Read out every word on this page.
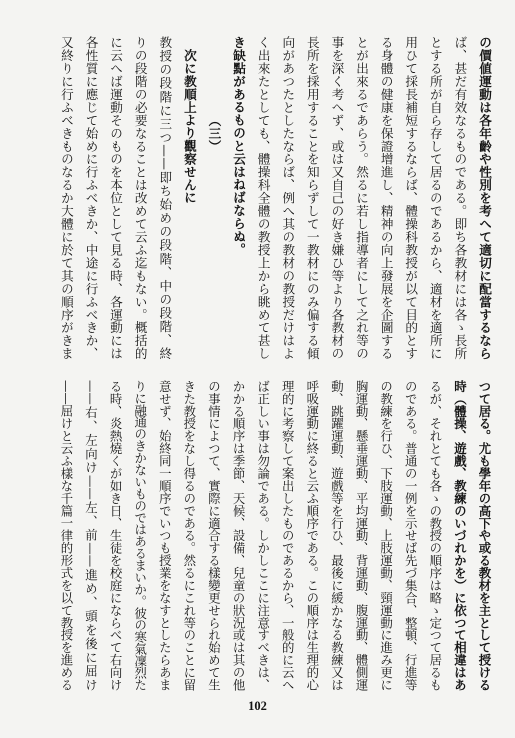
の價値運動は各年齡や性別を考へて適切に配當するなら
ば、甚だ有效なるものである。即ち各教材には各ゝ長所
とする所が自ら存して居るのであるから、適材を適所に
用ひて採長補短するならば、體操科教授が以て目的とす
る身體の健康を保證增進し、精神の向上發展を企圖する
とが出來るであらう。然るに若し指導者にして之れ等の
事を深く考へず、或は又自己の好き嫌ひ等より各教材の
長所を採用することを知らずして一教材にのみ偏する傾
向があつたとしたならば、例へ其の教材の教授だけはよ
く出來たとしても、體操科全體の教授上から眺めて甚し
き缺點があるものと云はねばならぬ。
（三）
次に教順上より觀察せんに
教授の段階に三つ——即ち始めの段階、中の段階、終
りの段階の必要なることは改めて云ふ迄もない。概括的
に云へば運動そのものを本位として見る時、各運動には
各性質に應じて始めに行ふべきか、中途に行ふべきか、
又終りに行ふべきものなるか大體に於て其の順序がきま
つて居る。尤も學年の高下や或る教材を主として授ける
時（體操、遊戲、教練のいづれかを）に依つて相違はあ
るが、それとても各ゝの教授の順序は略ゝ定つて居るも
のである。普通の一例を示せば先づ集合、整頓、行進等
の教練を行ひ、下肢運動、上肢運動、頸運動に進み更に
胸運動、懸垂運動、平均運動、背運動、腹運動、體側運
動、跳躍運動、遊戲等を行ひ、最後に緩かなる教練又は
呼吸運動に終ると云ふ順序である。この順序は生理的心
理的に考察して案出したものであるから、一般的に云へ
ば正しい事は勿論である。しかしここに注意すべきは、
かかる順序は季節、天候、設備、兒童の狀況或は其の他
の事情によつて、實際に適合する樣變更せられ始めて生
きた教授をなし得るのである。然るにこれ等のことに留
意せず、始終同一順序でいつも授業をなすとしたらあま
りに融通のきかないものではあるまいか。彼の寒氣凜烈た
る時、炎熱燒くが如き日、生徒を校庭にならべて右向け
——右、左向け——左、前——進め、頭を後に屈け
——屈けと云ふ樣な千篇一律的形式を以て教授を進める
102
